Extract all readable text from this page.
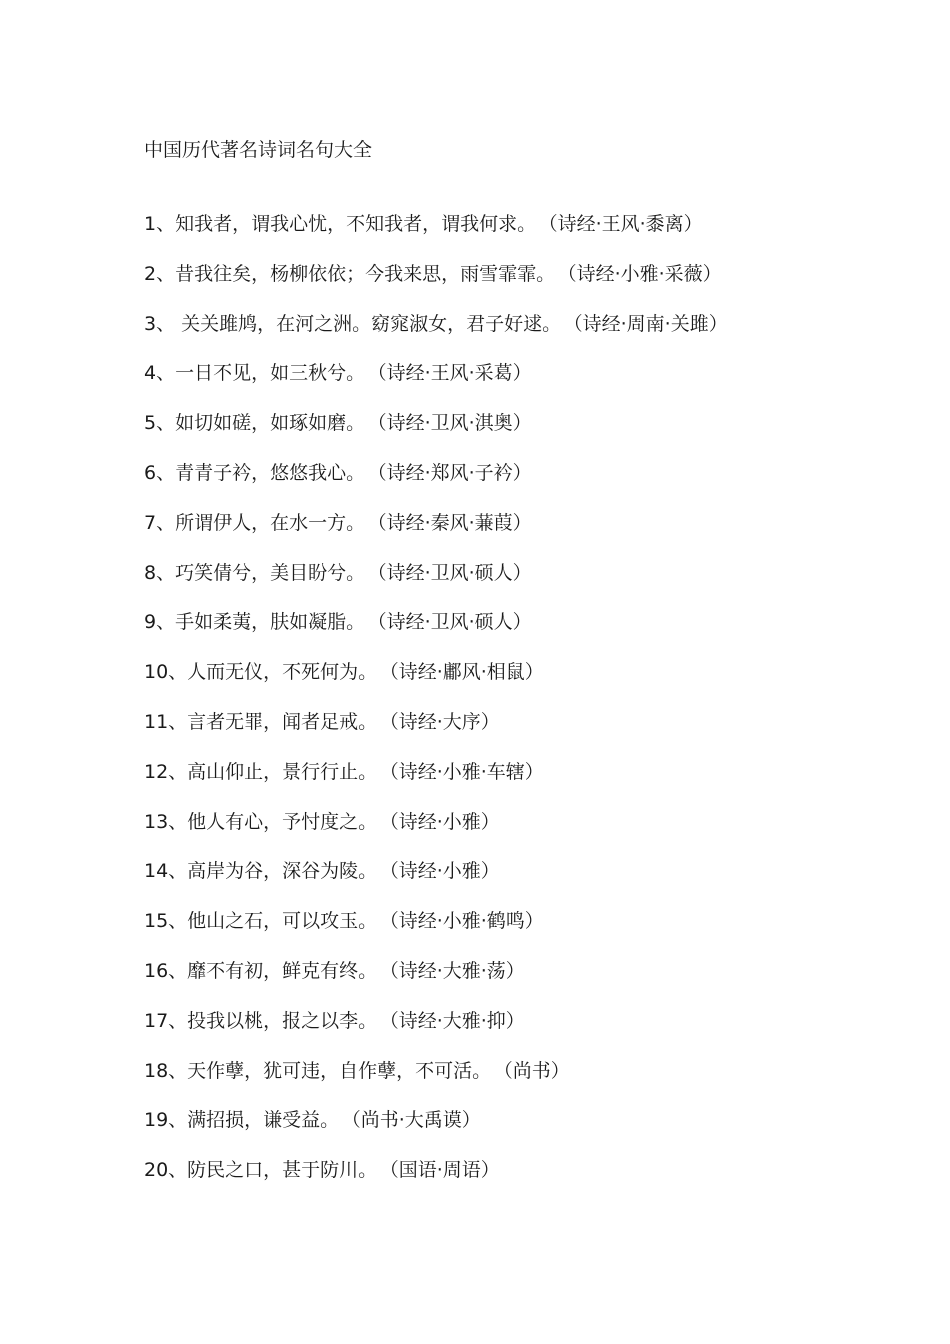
中国历代著名诗词名句大全
1、知我者，谓我心忧，不知我者，谓我何求。 （诗经·王风·黍离）
2、昔我往矣，杨柳依依；今我来思，雨雪霏霏。 （诗经·小雅·采薇）
3、 关关雎鸠，在河之洲。窈窕淑女，君子好逑。 （诗经·周南·关雎）
4、一日不见，如三秋兮。 （诗经·王风·采葛）
5、如切如磋，如琢如磨。 （诗经·卫风·淇奥）
6、青青子衿，悠悠我心。 （诗经·郑风·子衿）
7、所谓伊人，在水一方。 （诗经·秦风·蒹葭）
8、巧笑倩兮，美目盼兮。 （诗经·卫风·硕人）
9、手如柔荑，肤如凝脂。 （诗经·卫风·硕人）
10、人而无仪，不死何为。 （诗经·鄘风·相鼠）
11、言者无罪，闻者足戒。 （诗经·大序）
12、高山仰止，景行行止。 （诗经·小雅·车辖）
13、他人有心，予忖度之。 （诗经·小雅）
14、高岸为谷，深谷为陵。 （诗经·小雅）
15、他山之石，可以攻玉。 （诗经·小雅·鹤鸣）
16、靡不有初，鲜克有终。 （诗经·大雅·荡）
17、投我以桃，报之以李。 （诗经·大雅·抑）
18、天作孽，犹可违，自作孽，不可活。 （尚书）
19、满招损，谦受益。 （尚书·大禹谟）
20、防民之口，甚于防川。 （国语·周语）
